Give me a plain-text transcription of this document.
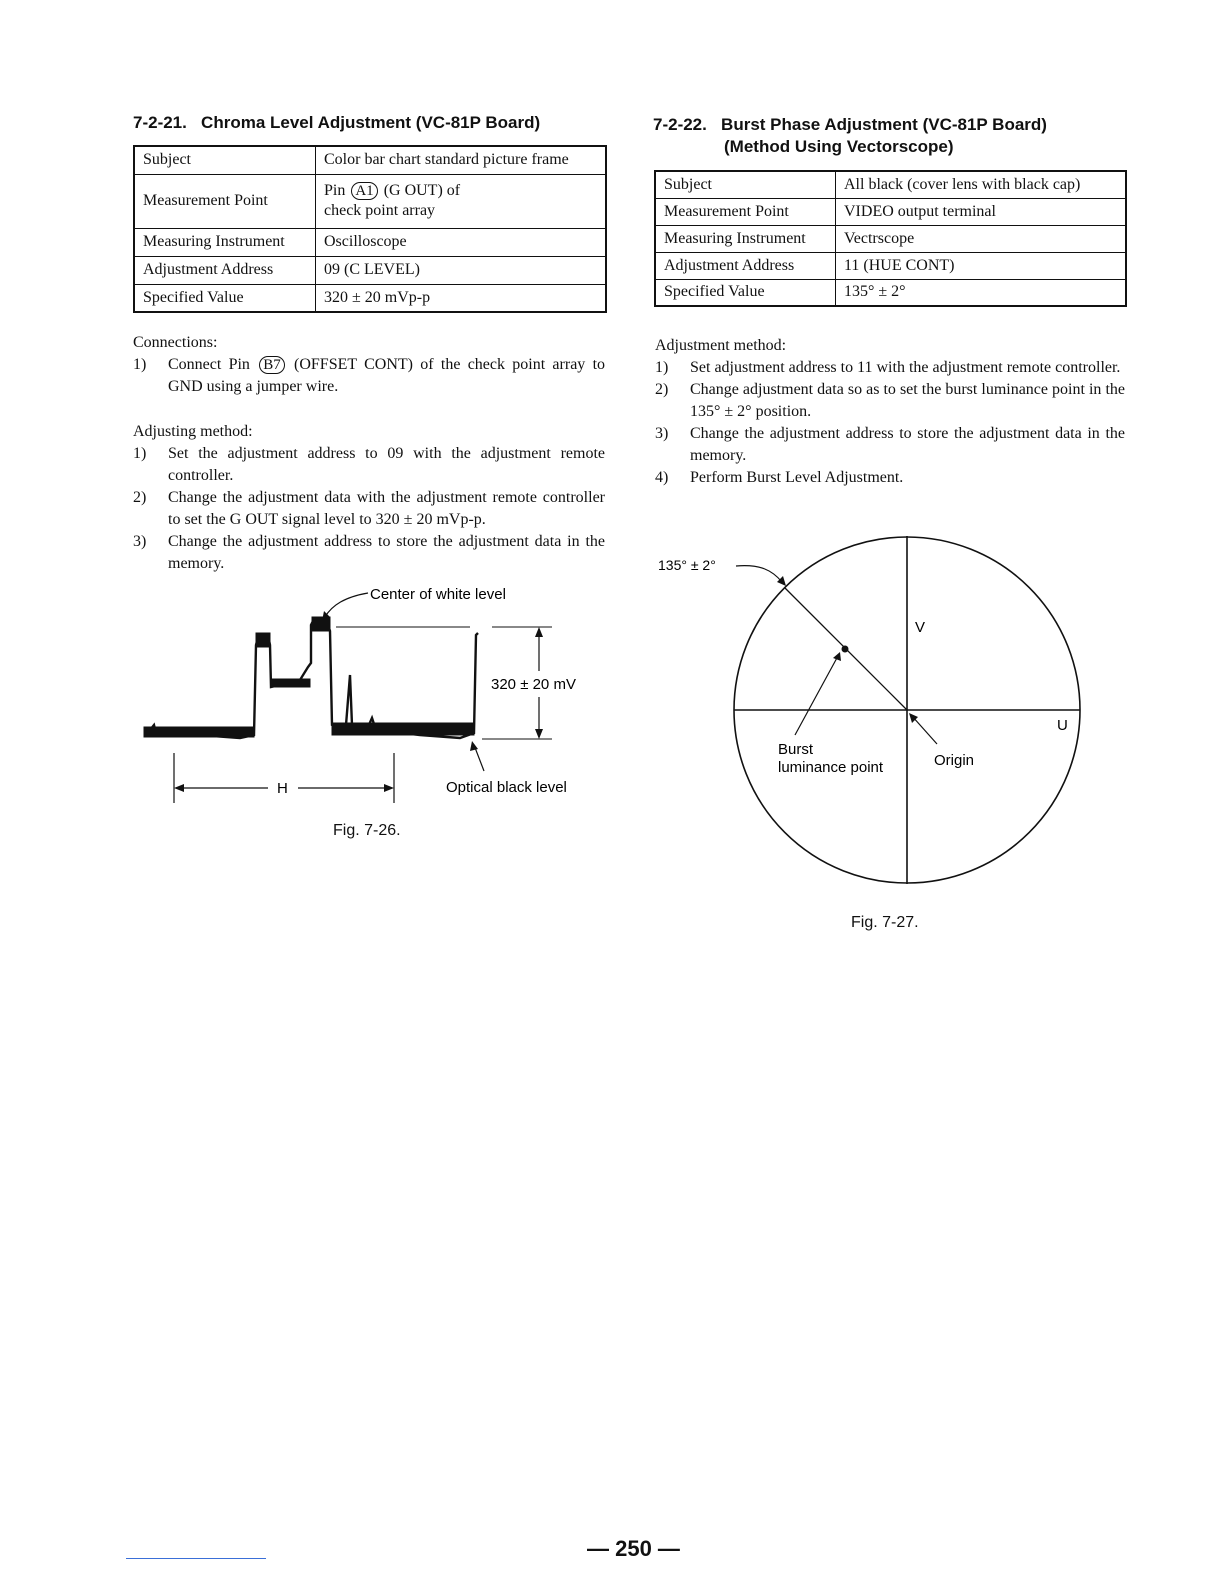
7-2-21. Chroma Level Adjustment (VC-81P Board)
Subject	Color bar chart standard picture frame
Measurement Point	Pin A1 (G OUT) of
check point array
Measuring Instrument	Oscilloscope
Adjustment Address	09 (C LEVEL)
Specified Value	320 ± 20 mVp-p
Connections:
1) Connect Pin B7 (OFFSET CONT) of the check point array to GND using a jumper wire.
Adjusting method:
1) Set the adjustment address to 09 with the adjustment remote controller.
2) Change the adjustment data with the adjustment remote controller to set the G OUT signal level to 320 ± 20 mVp-p.
3) Change the adjustment address to store the adjustment data in the memory.
Center of white level
320 ± 20 mV
Optical black level
H
Fig. 7-26.
7-2-22. Burst Phase Adjustment (VC-81P Board)
(Method Using Vectorscope)
Subject	All black (cover lens with black cap)
Measurement Point	VIDEO output terminal
Measuring Instrument	Vectrscope
Adjustment Address	11 (HUE CONT)
Specified Value	135° ± 2°
Adjustment method:
1) Set adjustment address to 11 with the adjustment remote controller.
2) Change adjustment data so as to set the burst luminance point in the 135° ± 2° position.
3) Change the adjustment address to store the adjustment data in the memory.
4) Perform Burst Level Adjustment.
135° ± 2°
V
U
Burst
luminance point	Origin
Fig. 7-27.
— 250 —
